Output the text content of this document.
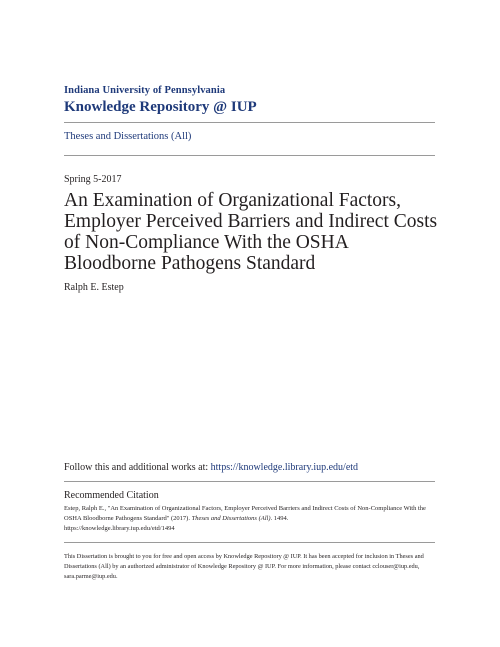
Indiana University of Pennsylvania
Knowledge Repository @ IUP
Theses and Dissertations (All)
Spring 5-2017
An Examination of Organizational Factors, Employer Perceived Barriers and Indirect Costs of Non-Compliance With the OSHA Bloodborne Pathogens Standard
Ralph E. Estep
Follow this and additional works at: https://knowledge.library.iup.edu/etd
Recommended Citation
Estep, Ralph E., "An Examination of Organizational Factors, Employer Perceived Barriers and Indirect Costs of Non-Compliance With the OSHA Bloodborne Pathogens Standard" (2017). Theses and Dissertations (All). 1494.
https://knowledge.library.iup.edu/etd/1494
This Dissertation is brought to you for free and open access by Knowledge Repository @ IUP. It has been accepted for inclusion in Theses and Dissertations (All) by an authorized administrator of Knowledge Repository @ IUP. For more information, please contact cclouser@iup.edu, sara.parme@iup.edu.
